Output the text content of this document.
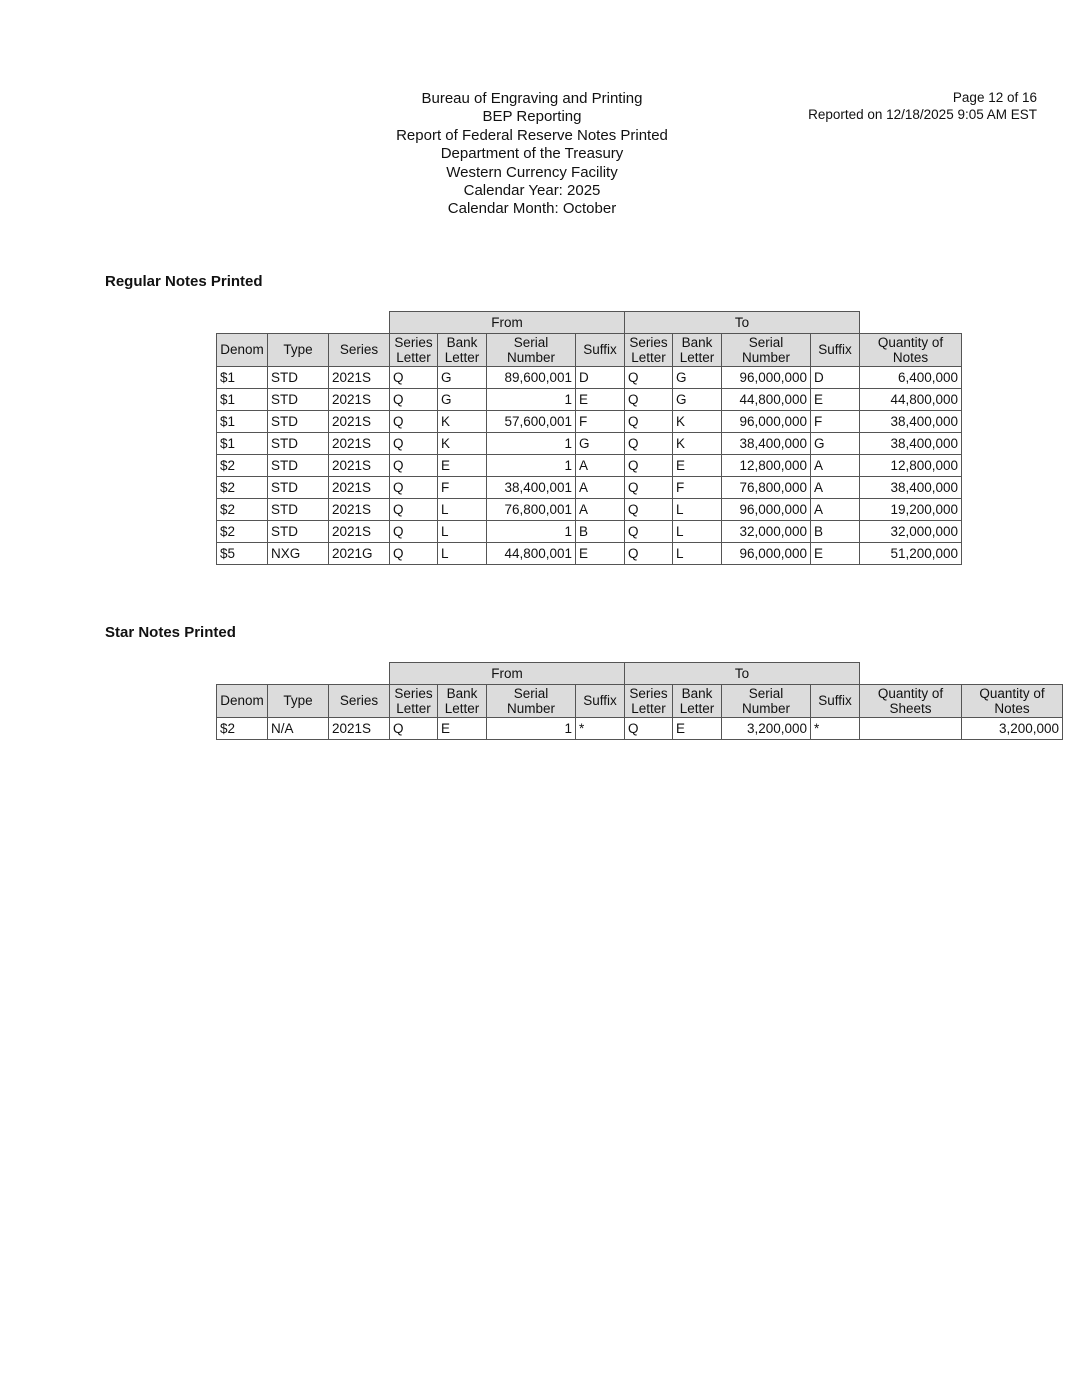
Bureau of Engraving and Printing
BEP Reporting
Report of Federal Reserve Notes Printed
Department of the Treasury
Western Currency Facility
Calendar Year: 2025
Calendar Month: October
Page 12 of 16
Reported on 12/18/2025 9:05 AM EST
Regular Notes Printed
			From				To				
Denom	Type	Series	Series Letter	Bank Letter	Serial Number	Suffix	Series Letter	Bank Letter	Serial Number	Suffix	Quantity of Notes
$1	STD	2021S	Q	G	89,600,001	D	Q	G	96,000,000	D	6,400,000
$1	STD	2021S	Q	G	1	E	Q	G	44,800,000	E	44,800,000
$1	STD	2021S	Q	K	57,600,001	F	Q	K	96,000,000	F	38,400,000
$1	STD	2021S	Q	K	1	G	Q	K	38,400,000	G	38,400,000
$2	STD	2021S	Q	E	1	A	Q	E	12,800,000	A	12,800,000
$2	STD	2021S	Q	F	38,400,001	A	Q	F	76,800,000	A	38,400,000
$2	STD	2021S	Q	L	76,800,001	A	Q	L	96,000,000	A	19,200,000
$2	STD	2021S	Q	L	1	B	Q	L	32,000,000	B	32,000,000
$5	NXG	2021G	Q	L	44,800,001	E	Q	L	96,000,000	E	51,200,000
Star Notes Printed
			From				To					
Denom	Type	Series	Series Letter	Bank Letter	Serial Number	Suffix	Series Letter	Bank Letter	Serial Number	Suffix	Quantity of Sheets	Quantity of Notes
$2	N/A	2021S	Q	E	1	*	Q	E	3,200,000	*		3,200,000
